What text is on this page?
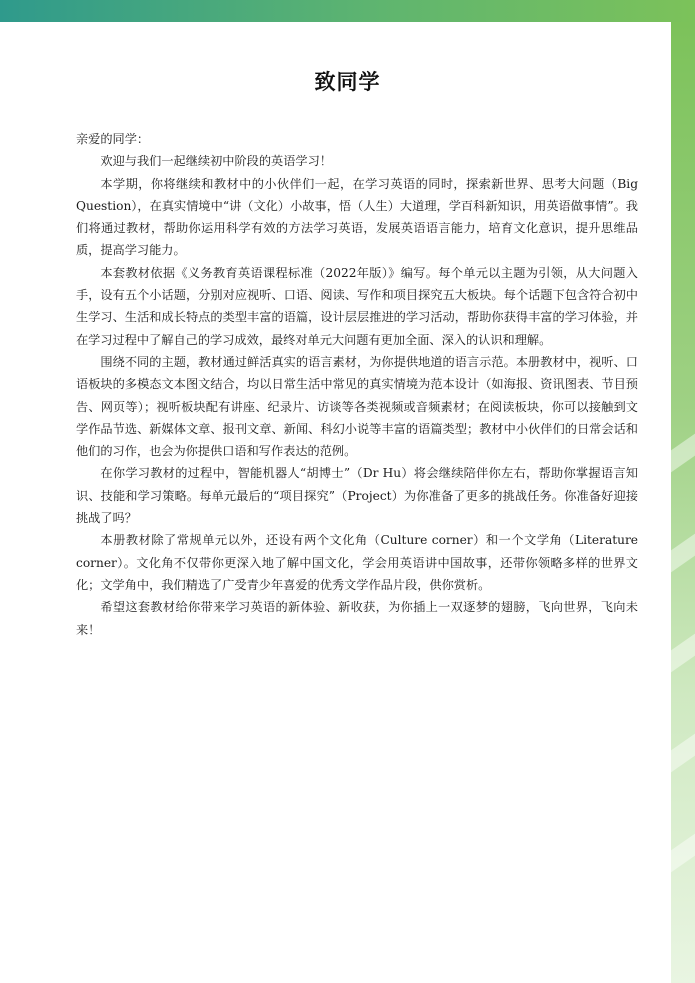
致同学

亲爱的同学：

欢迎与我们一起继续初中阶段的英语学习！

本学期，你将继续和教材中的小伙伴们一起，在学习英语的同时，探索新世界、思考大问题（Big Question），在真实情境中“讲（文化）小故事，悟（人生）大道理，学百科新知识，用英语做事情”。我们将通过教材，帮助你运用科学有效的方法学习英语，发展英语语言能力，培育文化意识，提升思维品质，提高学习能力。

本套教材依据《义务教育英语课程标准（2022年版）》编写。每个单元以主题为引领，从大问题入手，设有五个小话题，分别对应视听、口语、阅读、写作和项目探究五大板块。每个话题下包含符合初中生学习、生活和成长特点的类型丰富的语篇，设计层层推进的学习活动，帮助你获得丰富的学习体验，并在学习过程中了解自己的学习成效，最终对单元大问题有更加全面、深入的认识和理解。

围绕不同的主题，教材通过鲜活真实的语言素材，为你提供地道的语言示范。本册教材中，视听、口语板块的多模态文本图文结合，均以日常生活中常见的真实情境为范本设计（如海报、资讯图表、节目预告、网页等）；视听板块配有讲座、纪录片、访谈等各类视频或音频素材；在阅读板块，你可以接触到文学作品节选、新媒体文章、报刊文章、新闻、科幻小说等丰富的语篇类型；教材中小伙伴们的日常会话和他们的习作，也会为你提供口语和写作表达的范例。

在你学习教材的过程中，智能机器人“胡博士”（Dr Hu）将会继续陪伴你左右，帮助你掌握语言知识、技能和学习策略。每单元最后的“项目探究”（Project）为你准备了更多的挑战任务。你准备好迎接挑战了吗？

本册教材除了常规单元以外，还设有两个文化角（Culture corner）和一个文学角（Literature corner）。文化角不仅带你更深入地了解中国文化，学会用英语讲中国故事，还带你领略多样的世界文化；文学角中，我们精选了广受青少年喜爱的优秀文学作品片段，供你赏析。

希望这套教材给你带来学习英语的新体验、新收获，为你插上一双逐梦的翅膀，飞向世界，飞向未来！
